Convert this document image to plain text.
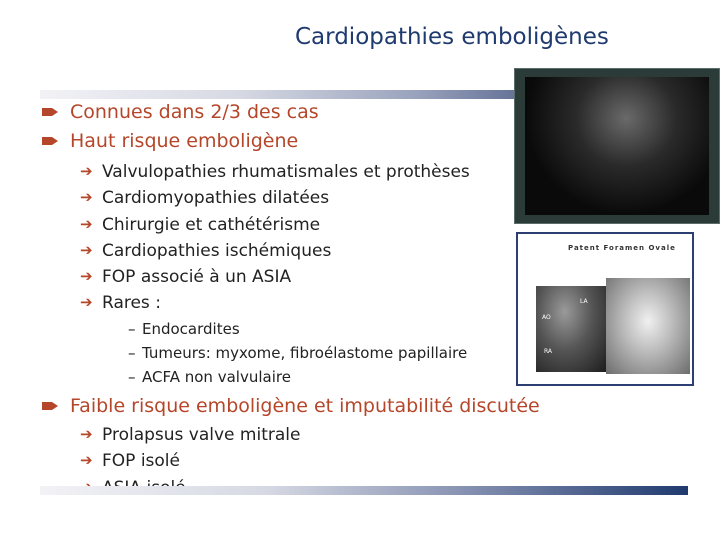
Cardiopathies emboligènes
Patent Foramen Ovale
LA
AO
RA
Connues dans 2/3 des cas
Haut risque emboligène
➔ Valvulopathies rhumatismales et prothèses
➔ Cardiomyopathies dilatées
➔ Chirurgie et cathétérisme
➔ Cardiopathies ischémiques
➔ FOP associé à un ASIA
➔ Rares :
– Endocardites
– Tumeurs: myxome, fibroélastome papillaire
– ACFA non valvulaire
Faible risque emboligène et imputabilité discutée
➔ Prolapsus valve mitrale
➔ FOP isolé
